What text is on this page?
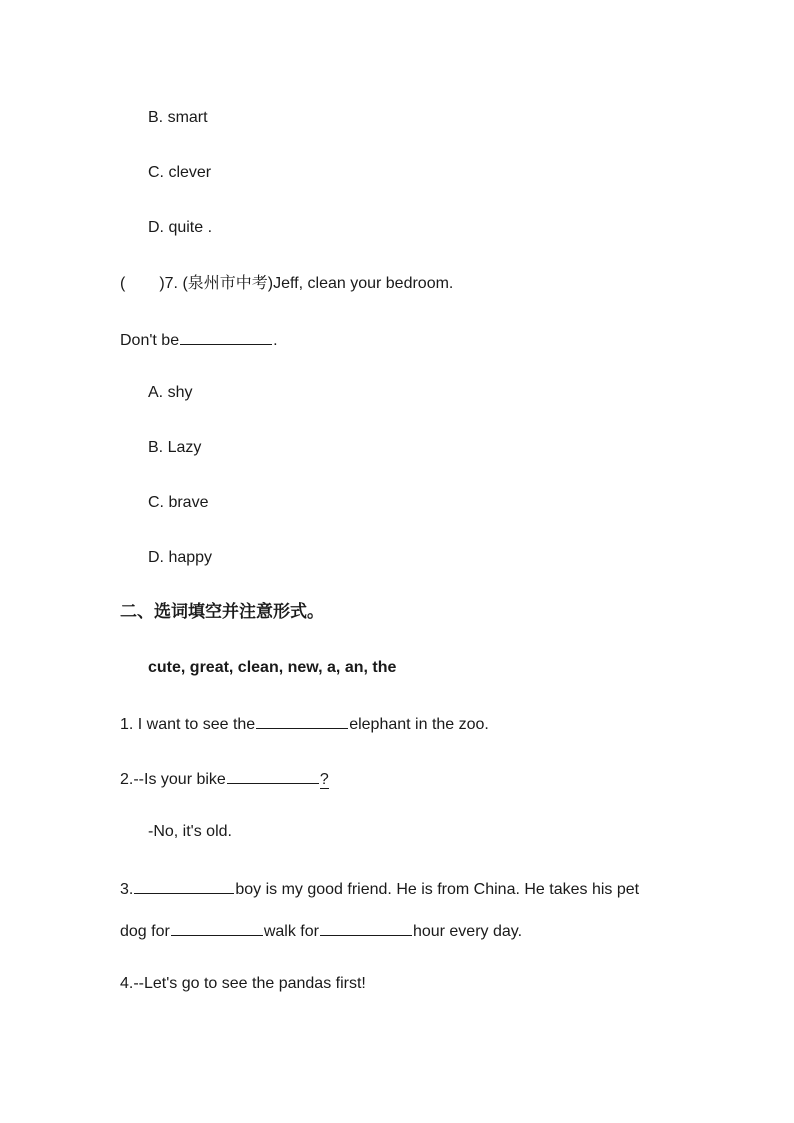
B. smart
C. clever
D. quite .
( )7. (泉州市中考)Jeff, clean your bedroom.
Don't be	.
A. shy
B. Lazy
C. brave
D. happy
二、选词填空并注意形式。
cute, great, clean, new, a, an, the
1. I want to see the	elephant in the zoo.
2.--Is your bike	?
-No, it's old.
3.	boy is my good friend. He is from China. He takes his pet
dog for	walk for	hour every day.
4.--Let's go to see the pandas first!
